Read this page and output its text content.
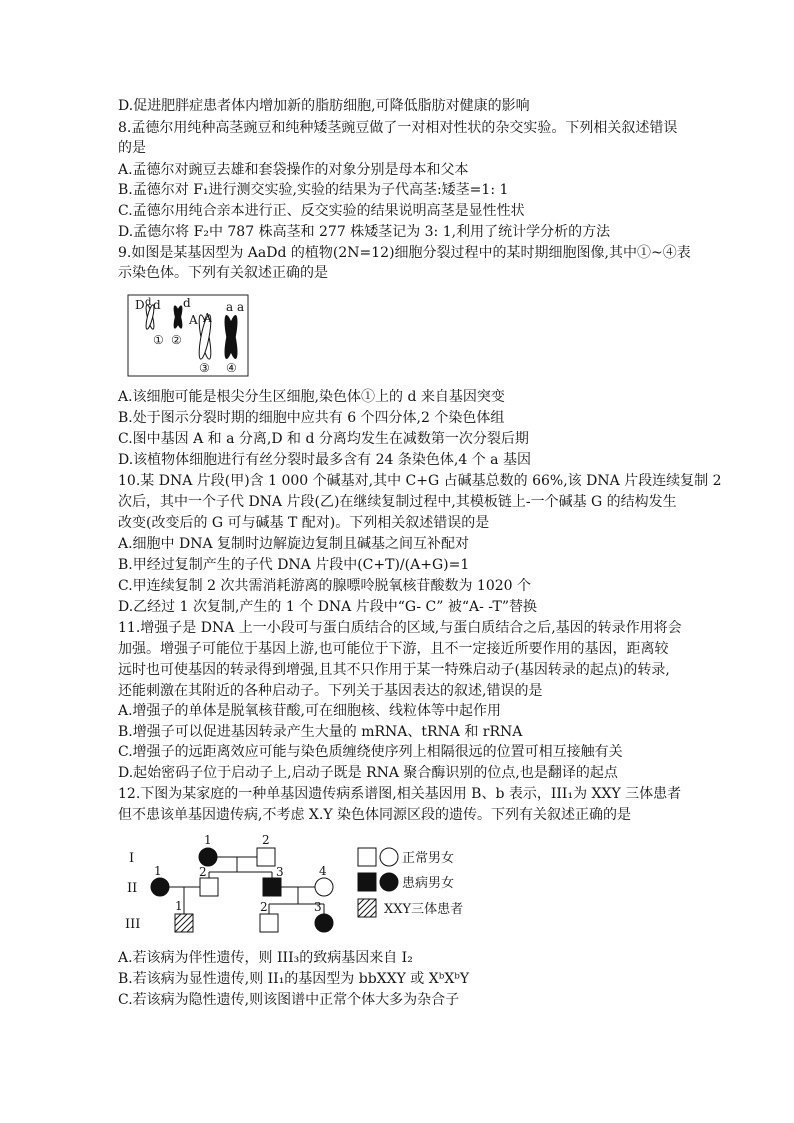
D.促进肥胖症患者体内增加新的脂肪细胞,可降低脂肪对健康的影响
8.孟德尔用纯种高茎豌豆和纯种矮茎豌豆做了一对相对性状的杂交实验。下列相关叙述错误
的是
A.孟德尔对豌豆去雄和套袋操作的对象分别是母本和父本
B.孟德尔对 F₁进行测交实验,实验的结果为子代高茎:矮茎=1: 1
C.孟德尔用纯合亲本进行正、反交实验的结果说明高茎是显性性状
D.孟德尔将 F₂中 787 株高茎和 277 株矮茎记为 3: 1,利用了统计学分析的方法
9.如图是某基因型为 AaDd 的植物(2N=12)细胞分裂过程中的某时期细胞图像,其中①~④表
示染色体。下列有关叙述正确的是
D d d d
A A
a a
① ②
③ ④
A.该细胞可能是根尖分生区细胞,染色体①上的 d 来自基因突变
B.处于图示分裂时期的细胞中应共有 6 个四分体,2 个染色体组
C.图中基因 A 和 a 分离,D 和 d 分离均发生在减数第一次分裂后期
D.该植物体细胞进行有丝分裂时最多含有 24 条染色体,4 个 a 基因
10.某 DNA 片段(甲)含 1 000 个碱基对,其中 C+G 占碱基总数的 66%,该 DNA 片段连续复制 2
次后，其中一个子代 DNA 片段(乙)在继续复制过程中,其模板链上-一个碱基 G 的结构发生
改变(改变后的 G 可与碱基 T 配对)。下列相关叙述错误的是
A.细胞中 DNA 复制时边解旋边复制且碱基之间互补配对
B.甲经过复制产生的子代 DNA 片段中(C+T)/(A+G)=1
C.甲连续复制 2 次共需消耗游离的腺嘌呤脱氧核苷酸数为 1020 个
D.乙经过 1 次复制,产生的 1 个 DNA 片段中“G- C” 被“A- -T”替换
11.增强子是 DNA 上一小段可与蛋白质结合的区域,与蛋白质结合之后,基因的转录作用将会
加强。增强子可能位于基因上游,也可能位于下游，且不一定接近所要作用的基因，距离较
远时也可使基因的转录得到增强,且其不只作用于某一特殊启动子(基因转录的起点)的转录,
还能刺激在其附近的各种启动子。下列关于基因表达的叙述,错误的是
A.增强子的单体是脱氧核苷酸,可在细胞核、线粒体等中起作用
B.增强子可以促进基因转录产生大量的 mRNA、tRNA 和 rRNA
C.增强子的远距离效应可能与染色质缠绕使序列上相隔很远的位置可相互接触有关
D.起始密码子位于启动子上,启动子既是 RNA 聚合酶识别的位点,也是翻译的起点
12.下图为某家庭的一种单基因遗传病系谱图,相关基因用 B、b 表示，III₁为 XXY 三体患者
但不患该单基因遗传病,不考虑 X.Y 染色体同源区段的遗传。下列有关叙述正确的是
I
II
III
1	2
1	2	3	4
1	2	3
正常男女
患病男女
XXY三体患者
A.若该病为伴性遗传，则 III₃的致病基因来自 I₂
B.若该病为显性遗传,则 II₁的基因型为 bbXXY 或 XᵇXᵇY
C.若该病为隐性遗传,则该图谱中正常个体大多为杂合子
